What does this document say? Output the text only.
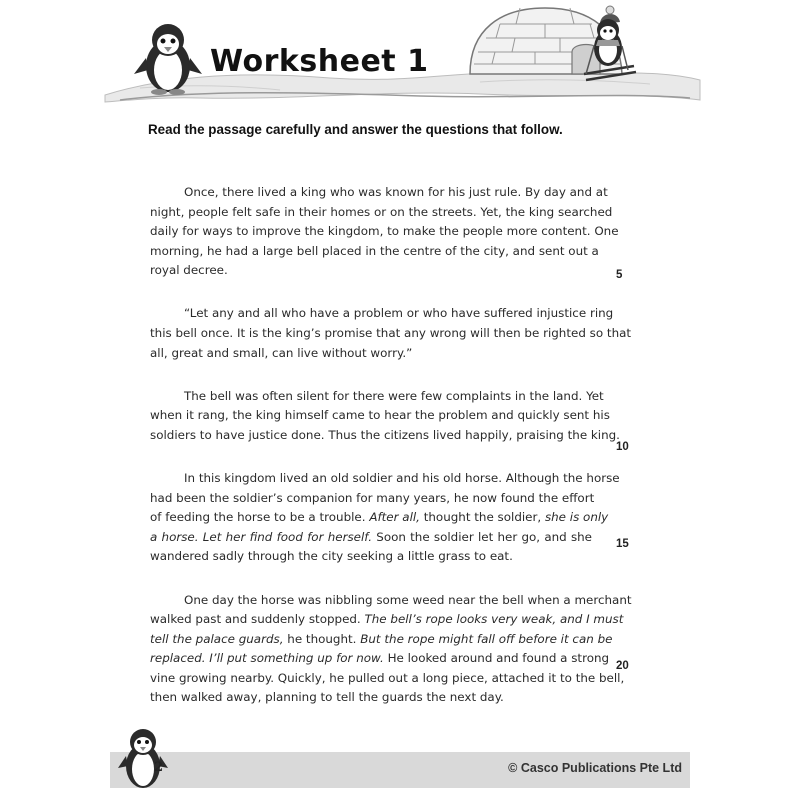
Worksheet 1
Read the passage carefully and answer the questions that follow.
Once, there lived a king who was known for his just rule. By day and at
night, people felt safe in their homes or on the streets. Yet, the king searched
daily for ways to improve the kingdom, to make the people more content. One
morning, he had a large bell placed in the centre of the city, and sent out a
royal decree.
“Let any and all who have a problem or who have suffered injustice ring
this bell once. It is the king’s promise that any wrong will then be righted so that
all, great and small, can live without worry.”
The bell was often silent for there were few complaints in the land. Yet
when it rang, the king himself came to hear the problem and quickly sent his
soldiers to have justice done. Thus the citizens lived happily, praising the king.
In this kingdom lived an old soldier and his old horse. Although the horse
had been the soldier’s companion for many years, he now found the effort
of feeding the horse to be a trouble. After all, thought the soldier, she is only
a horse. Let her find food for herself. Soon the soldier let her go, and she
wandered sadly through the city seeking a little grass to eat.
One day the horse was nibbling some weed near the bell when a merchant
walked past and suddenly stopped. The bell’s rope looks very weak, and I must
tell the palace guards, he thought. But the rope might fall off before it can be
replaced. I’ll put something up for now. He looked around and found a strong
vine growing nearby. Quickly, he pulled out a long piece, attached it to the bell,
then walked away, planning to tell the guards the next day.
5
10
15
20
© Casco Publications Pte Ltd
2
